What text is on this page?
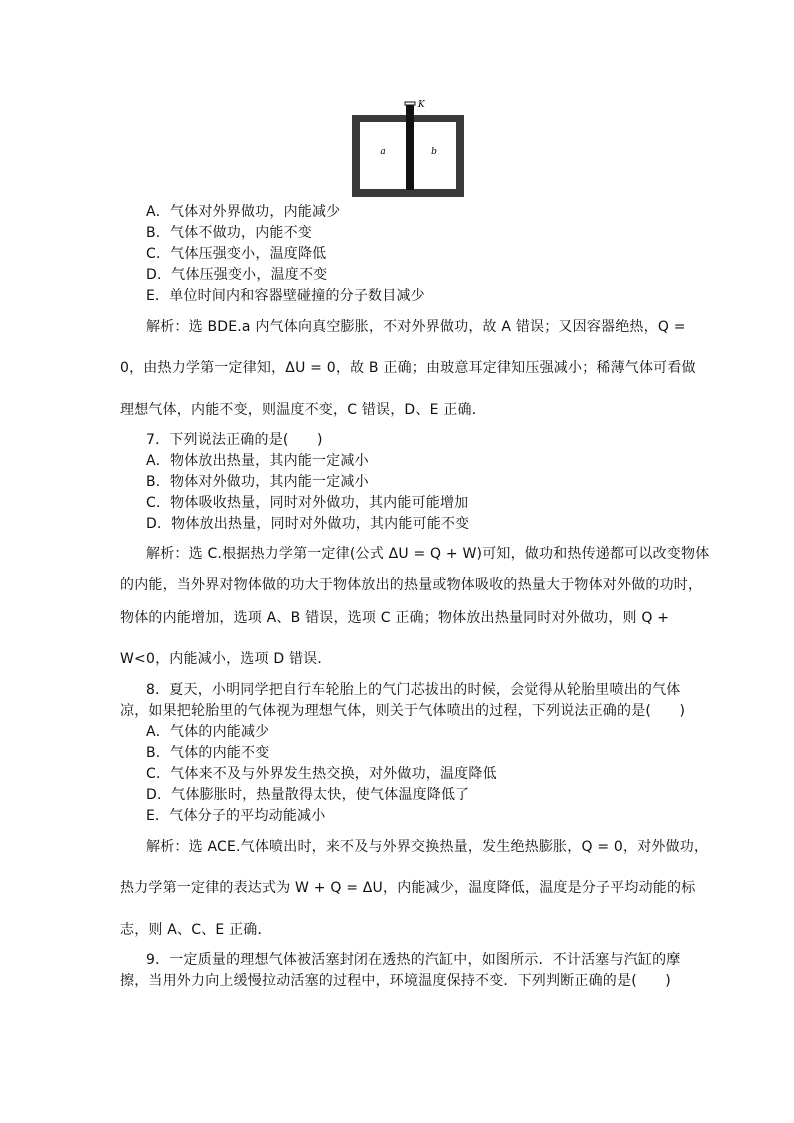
K
a	b
A．气体对外界做功，内能减少
B．气体不做功，内能不变
C．气体压强变小，温度降低
D．气体压强变小，温度不变
E．单位时间内和容器壁碰撞的分子数目减少
解析：选 BDE.a 内气体向真空膨胀，不对外界做功，故 A 错误；又因容器绝热，Q =
0，由热力学第一定律知，ΔU = 0，故 B 正确；由玻意耳定律知压强减小；稀薄气体可看做
理想气体，内能不变，则温度不变，C 错误，D、E 正确．
7．下列说法正确的是(　　)
A．物体放出热量，其内能一定减小
B．物体对外做功，其内能一定减小
C．物体吸收热量，同时对外做功，其内能可能增加
D．物体放出热量，同时对外做功，其内能可能不变
解析：选 C.根据热力学第一定律(公式 ΔU = Q + W)可知，做功和热传递都可以改变物体
的内能，当外界对物体做的功大于物体放出的热量或物体吸收的热量大于物体对外做的功时，
物体的内能增加，选项 A、B 错误，选项 C 正确；物体放出热量同时对外做功，则 Q +
W<0，内能减小，选项 D 错误．
8．夏天，小明同学把自行车轮胎上的气门芯拔出的时候，会觉得从轮胎里喷出的气体
凉，如果把轮胎里的气体视为理想气体，则关于气体喷出的过程，下列说法正确的是(　　)
A．气体的内能减少
B．气体的内能不变
C．气体来不及与外界发生热交换，对外做功，温度降低
D．气体膨胀时，热量散得太快，使气体温度降低了
E．气体分子的平均动能减小
解析：选 ACE.气体喷出时，来不及与外界交换热量，发生绝热膨胀，Q = 0，对外做功，
热力学第一定律的表达式为 W + Q = ΔU，内能减少，温度降低，温度是分子平均动能的标
志，则 A、C、E 正确．
9．一定质量的理想气体被活塞封闭在透热的汽缸中，如图所示．不计活塞与汽缸的摩
擦，当用外力向上缓慢拉动活塞的过程中，环境温度保持不变．下列判断正确的是(　　)
